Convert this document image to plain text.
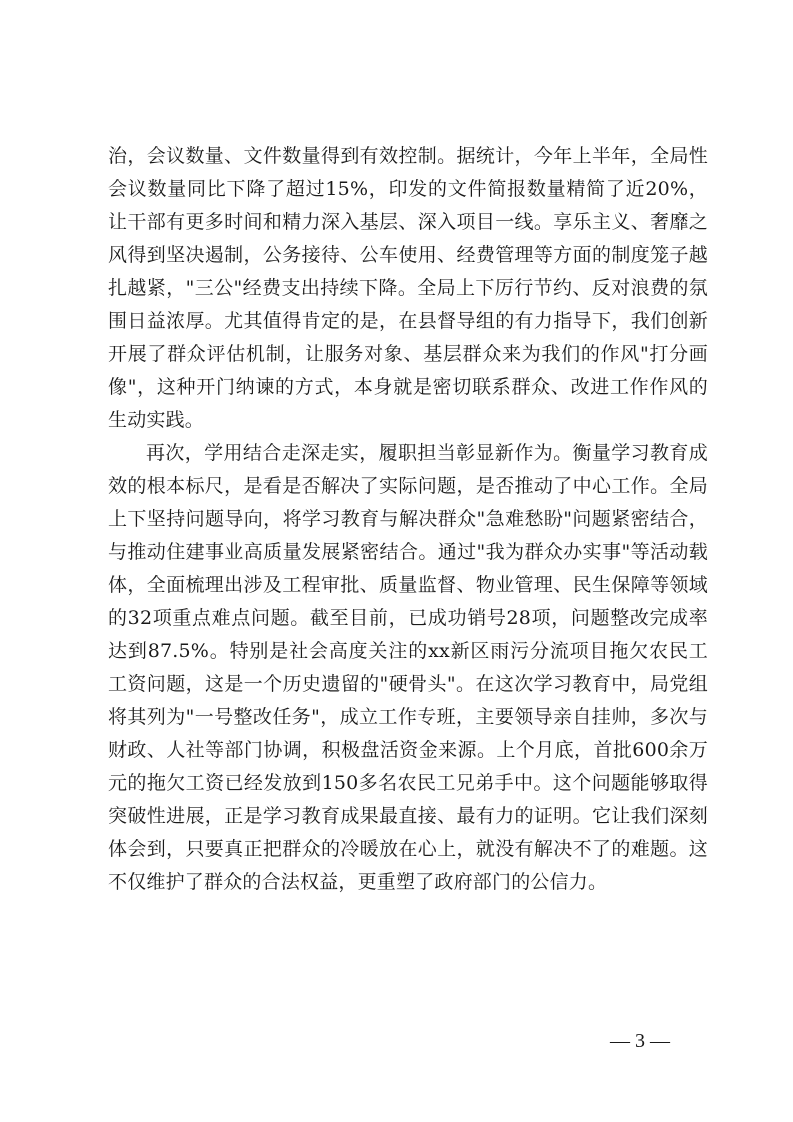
治，会议数量、文件数量得到有效控制。据统计，今年上半年，全局性会议数量同比下降了超过15%，印发的文件简报数量精简了近20%，让干部有更多时间和精力深入基层、深入项目一线。享乐主义、奢靡之风得到坚决遏制，公务接待、公车使用、经费管理等方面的制度笼子越扎越紧，"三公"经费支出持续下降。全局上下厉行节约、反对浪费的氛围日益浓厚。尤其值得肯定的是，在县督导组的有力指导下，我们创新开展了群众评估机制，让服务对象、基层群众来为我们的作风"打分画像"，这种开门纳谏的方式，本身就是密切联系群众、改进工作作风的生动实践。

再次，学用结合走深走实，履职担当彰显新作为。衡量学习教育成效的根本标尺，是看是否解决了实际问题，是否推动了中心工作。全局上下坚持问题导向，将学习教育与解决群众"急难愁盼"问题紧密结合，与推动住建事业高质量发展紧密结合。通过"我为群众办实事"等活动载体，全面梳理出涉及工程审批、质量监督、物业管理、民生保障等领域的32项重点难点问题。截至目前，已成功销号28项，问题整改完成率达到87.5%。特别是社会高度关注的xx新区雨污分流项目拖欠农民工工资问题，这是一个历史遗留的"硬骨头"。在这次学习教育中，局党组将其列为"一号整改任务"，成立工作专班，主要领导亲自挂帅，多次与财政、人社等部门协调，积极盘活资金来源。上个月底，首批600余万元的拖欠工资已经发放到150多名农民工兄弟手中。这个问题能够取得突破性进展，正是学习教育成果最直接、最有力的证明。它让我们深刻体会到，只要真正把群众的冷暖放在心上，就没有解决不了的难题。这不仅维护了群众的合法权益，更重塑了政府部门的公信力。

— 3 —
